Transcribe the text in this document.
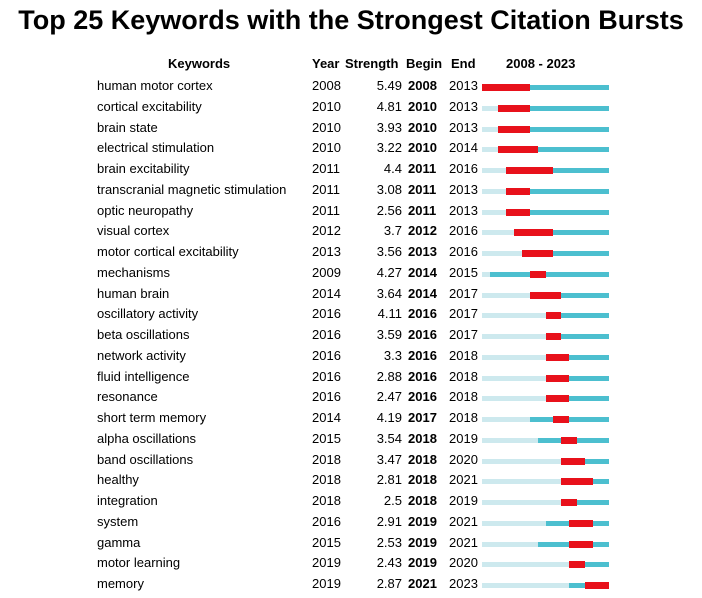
Top 25 Keywords with the Strongest Citation Bursts
Keywords	Year Strength Begin End 2008 - 2023
human motor cortex	2008	5.49 2008 2013
cortical excitability	2010	4.81 2010 2013
brain state	2010	3.93 2010 2013
electrical stimulation	2010	3.22 2010 2014
brain excitability	2011	4.4 2011 2016
transcranial magnetic stimulation 2011	3.08 2011 2013
optic neuropathy	2011	2.56 2011 2013
visual cortex	2012	3.7 2012 2016
motor cortical excitability	2013	3.56 2013 2016
mechanisms	2009	4.27 2014 2015
human brain	2014	3.64 2014 2017
oscillatory activity	2016	4.11 2016 2017
beta oscillations	2016	3.59 2016 2017
network activity	2016	3.3 2016 2018
fluid intelligence	2016	2.88 2016 2018
resonance	2016	2.47 2016 2018
short term memory	2014	4.19 2017 2018
alpha oscillations	2015	3.54 2018 2019
band oscillations	2018	3.47 2018 2020
healthy	2018	2.81 2018 2021
integration	2018	2.5 2018 2019
system	2016	2.91 2019 2021
gamma	2015	2.53 2019 2021
motor learning	2019	2.43 2019 2020
memory	2019	2.87 2021 2023
